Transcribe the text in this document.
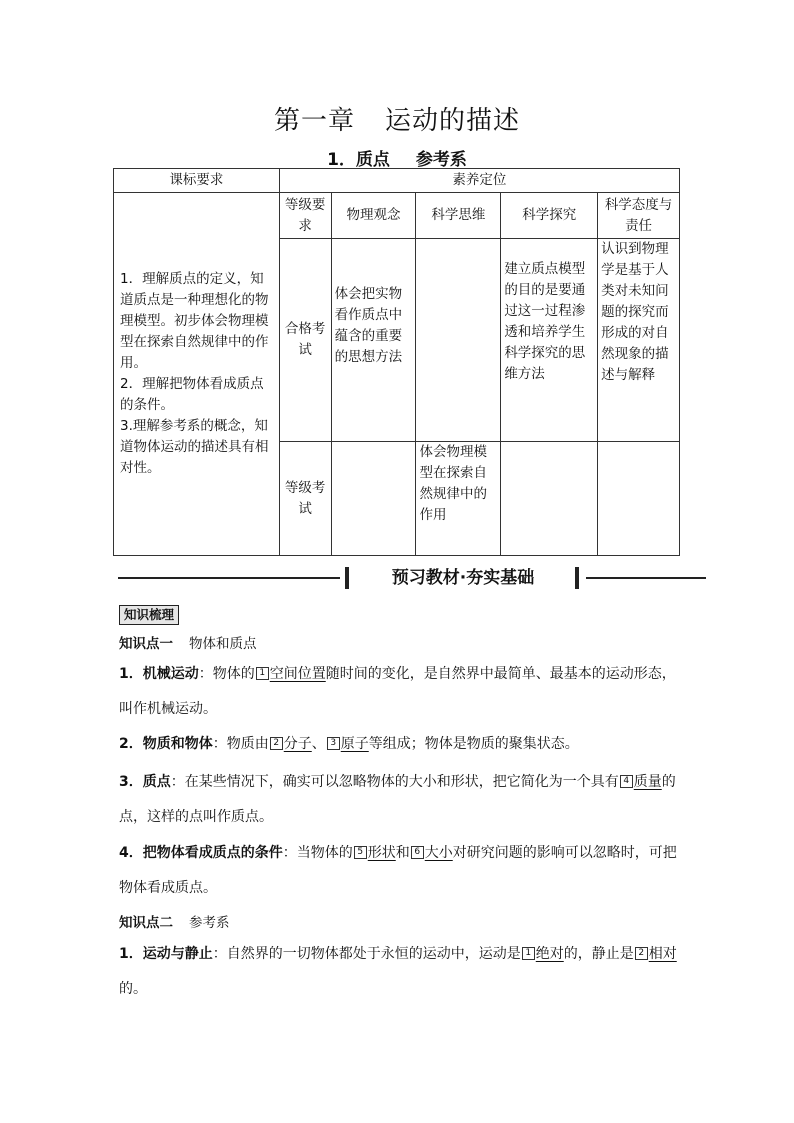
第一章 运动的描述
1．质点 参考系
课标要求	素养定位				
1．理解质点的定义，知道质点是一种理想化的物理模型。初步体会物理模型在探索自然规律中的作用。
2．理解把物体看成质点的条件。
3.理解参考系的概念，知道物体运动的描述具有相对性。	等级要求	物理观念	科学思维	科学探究	科学态度与责任
	合格考试	体会把实物看作质点中蕴含的重要的思想方法		建立质点模型的目的是要通过这一过程渗透和培养学生科学探究的思维方法	认识到物理学是基于人类对未知问题的探究而形成的对自然现象的描述与解释
	等级考试		体会物理模型在探索自然规律中的作用		
预习教材·夯实基础
知识梳理
知识点一 物体和质点
1．机械运动：物体的 1 空间位置随时间的变化，是自然界中最简单、最基本的运动形态，叫作机械运动。
2．物质和物体：物质由 2 分子、 3 原子等组成；物体是物质的聚集状态。
3．质点：在某些情况下，确实可以忽略物体的大小和形状，把它简化为一个具有 4 质量的点，这样的点叫作质点。
4．把物体看成质点的条件：当物体的 5 形状和 6 大小对研究问题的影响可以忽略时，可把物体看成质点。
知识点二 参考系
1．运动与静止：自然界的一切物体都处于永恒的运动中，运动是 1 绝对的，静止是 2 相对的。
